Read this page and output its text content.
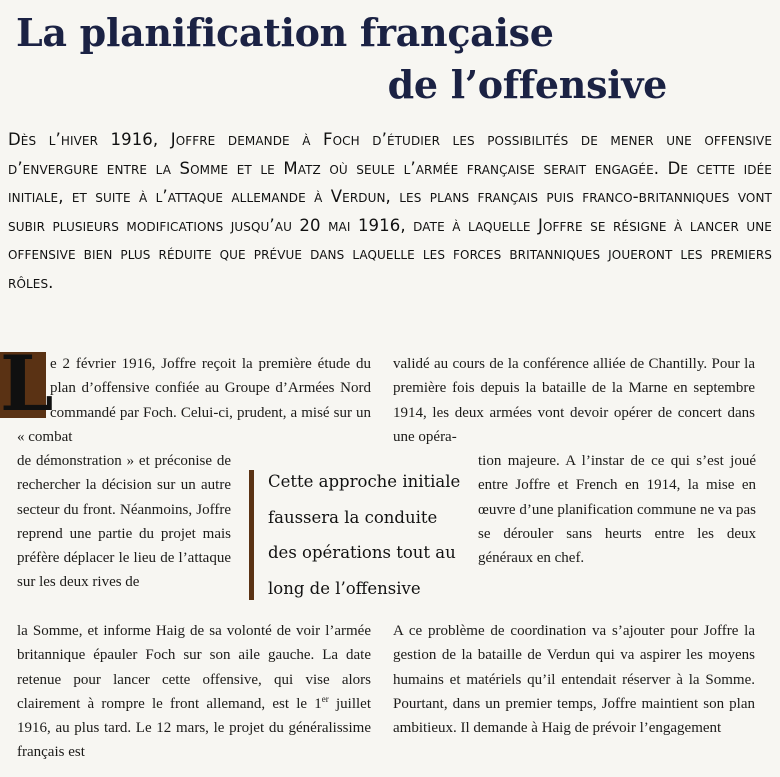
La planification française
de l’offensive

Dès l’hiver 1916, Joffre demande à Foch d’étudier les possibilités de mener une offensive d’envergure entre la Somme et le Matz où seule l’armée française serait engagée. De cette idée initiale, et suite à l’attaque allemande à Verdun, les plans français puis franco-britanniques vont subir plusieurs modifications jusqu’au 20 mai 1916, date à laquelle Joffre se résigne à lancer une offensive bien plus réduite que prévue dans laquelle les forces britanniques joueront les premiers rôles.

L

e 2 février 1916, Joffre reçoit la première étude du plan d’offensive confiée au Groupe d’Armées Nord commandé par Foch. Celui-ci, prudent, a misé sur un « combat

de démonstration » et préconise de rechercher la décision sur un autre secteur du front. Néanmoins, Joffre reprend une partie du projet mais préfère déplacer le lieu de l’attaque sur les deux rives de

Cette approche initiale faussera la conduite des opérations tout au long de l’offensive

la Somme, et informe Haig de sa volonté de voir l’armée britannique épauler Foch sur son aile gauche. La date retenue pour lancer cette offensive, qui vise alors clairement à rompre le front allemand, est le 1er juillet 1916, au plus tard. Le 12 mars, le projet du généralissime français est

validé au cours de la conférence alliée de Chantilly. Pour la première fois depuis la bataille de la Marne en septembre 1914, les deux armées vont devoir opérer de concert dans une opéra-

tion majeure. A l’instar de ce qui s’est joué entre Joffre et French en 1914, la mise en œuvre d’une planification commune ne va pas se dérouler sans heurts entre les deux généraux en chef.

A ce problème de coordination va s’ajouter pour Joffre la gestion de la bataille de Verdun qui va aspirer les moyens humains et matériels qu’il entendait réserver à la Somme. Pourtant, dans un premier temps, Joffre maintient son plan ambitieux. Il demande à Haig de prévoir l’engagement
